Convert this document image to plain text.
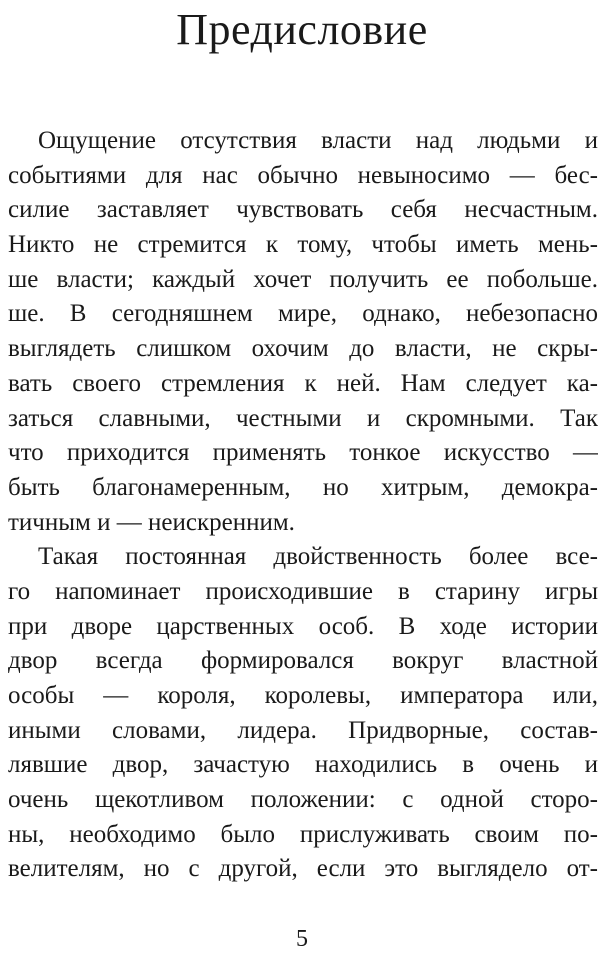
Предисловие
Ощущение отсутствия власти над людьми и
событиями для нас обычно невыносимо — бес-
силие заставляет чувствовать себя несчастным.
Никто не стремится к тому, чтобы иметь мень-
ше власти; каждый хочет получить ее побольше.
ше. В сегодняшнем мире, однако, небезопасно
выглядеть слишком охочим до власти, не скры-
вать своего стремления к ней. Нам следует ка-
заться славными, честными и скромными. Так
что приходится применять тонкое искусство —
быть благонамеренным, но хитрым, демокра-
тичным и — неискренним.
Такая постоянная двойственность более все-
го напоминает происходившие в старину игры
при дворе царственных особ. В ходе истории
двор всегда формировался вокруг властной
особы — короля, королевы, императора или,
иными словами, лидера. Придворные, состав-
лявшие двор, зачастую находились в очень и
очень щекотливом положении: с одной сторо-
ны, необходимо было прислуживать своим по-
велителям, но с другой, если это выглядело от-
5
